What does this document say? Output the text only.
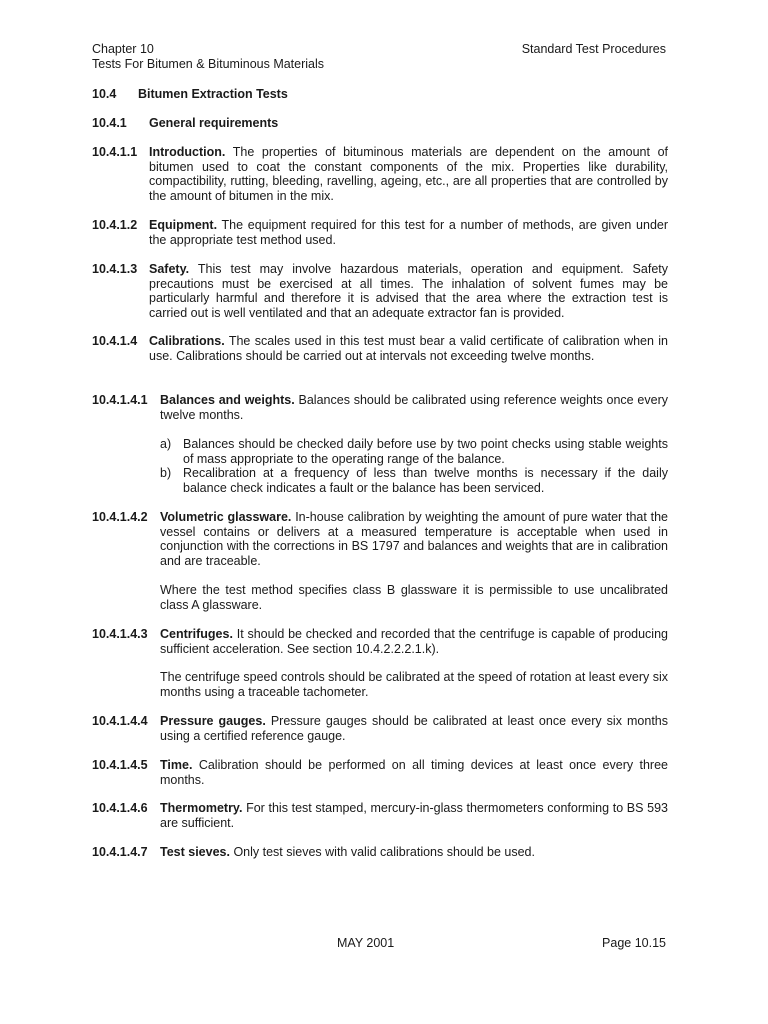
Chapter 10
Tests For Bitumen & Bituminous Materials
Standard Test Procedures
10.4 Bitumen Extraction Tests
10.4.1 General requirements
10.4.1.1 Introduction. The properties of bituminous materials are dependent on the amount of bitumen used to coat the constant components of the mix. Properties like durability, compactibility, rutting, bleeding, ravelling, ageing, etc., are all properties that are controlled by the amount of bitumen in the mix.
10.4.1.2 Equipment. The equipment required for this test for a number of methods, are given under the appropriate test method used.
10.4.1.3 Safety. This test may involve hazardous materials, operation and equipment. Safety precautions must be exercised at all times. The inhalation of solvent fumes may be particularly harmful and therefore it is advised that the area where the extraction test is carried out is well ventilated and that an adequate extractor fan is provided.
10.4.1.4 Calibrations. The scales used in this test must bear a valid certificate of calibration when in use. Calibrations should be carried out at intervals not exceeding twelve months.
10.4.1.4.1 Balances and weights. Balances should be calibrated using reference weights once every twelve months.
a) Balances should be checked daily before use by two point checks using stable weights of mass appropriate to the operating range of the balance.
b) Recalibration at a frequency of less than twelve months is necessary if the daily balance check indicates a fault or the balance has been serviced.
10.4.1.4.2 Volumetric glassware. In-house calibration by weighting the amount of pure water that the vessel contains or delivers at a measured temperature is acceptable when used in conjunction with the corrections in BS 1797 and balances and weights that are in calibration and are traceable.
Where the test method specifies class B glassware it is permissible to use uncalibrated class A glassware.
10.4.1.4.3 Centrifuges. It should be checked and recorded that the centrifuge is capable of producing sufficient acceleration. See section 10.4.2.2.2.1.k).
The centrifuge speed controls should be calibrated at the speed of rotation at least every six months using a traceable tachometer.
10.4.1.4.4 Pressure gauges. Pressure gauges should be calibrated at least once every six months using a certified reference gauge.
10.4.1.4.5 Time. Calibration should be performed on all timing devices at least once every three months.
10.4.1.4.6 Thermometry. For this test stamped, mercury-in-glass thermometers conforming to BS 593 are sufficient.
10.4.1.4.7 Test sieves. Only test sieves with valid calibrations should be used.
MAY 2001	Page 10.15
